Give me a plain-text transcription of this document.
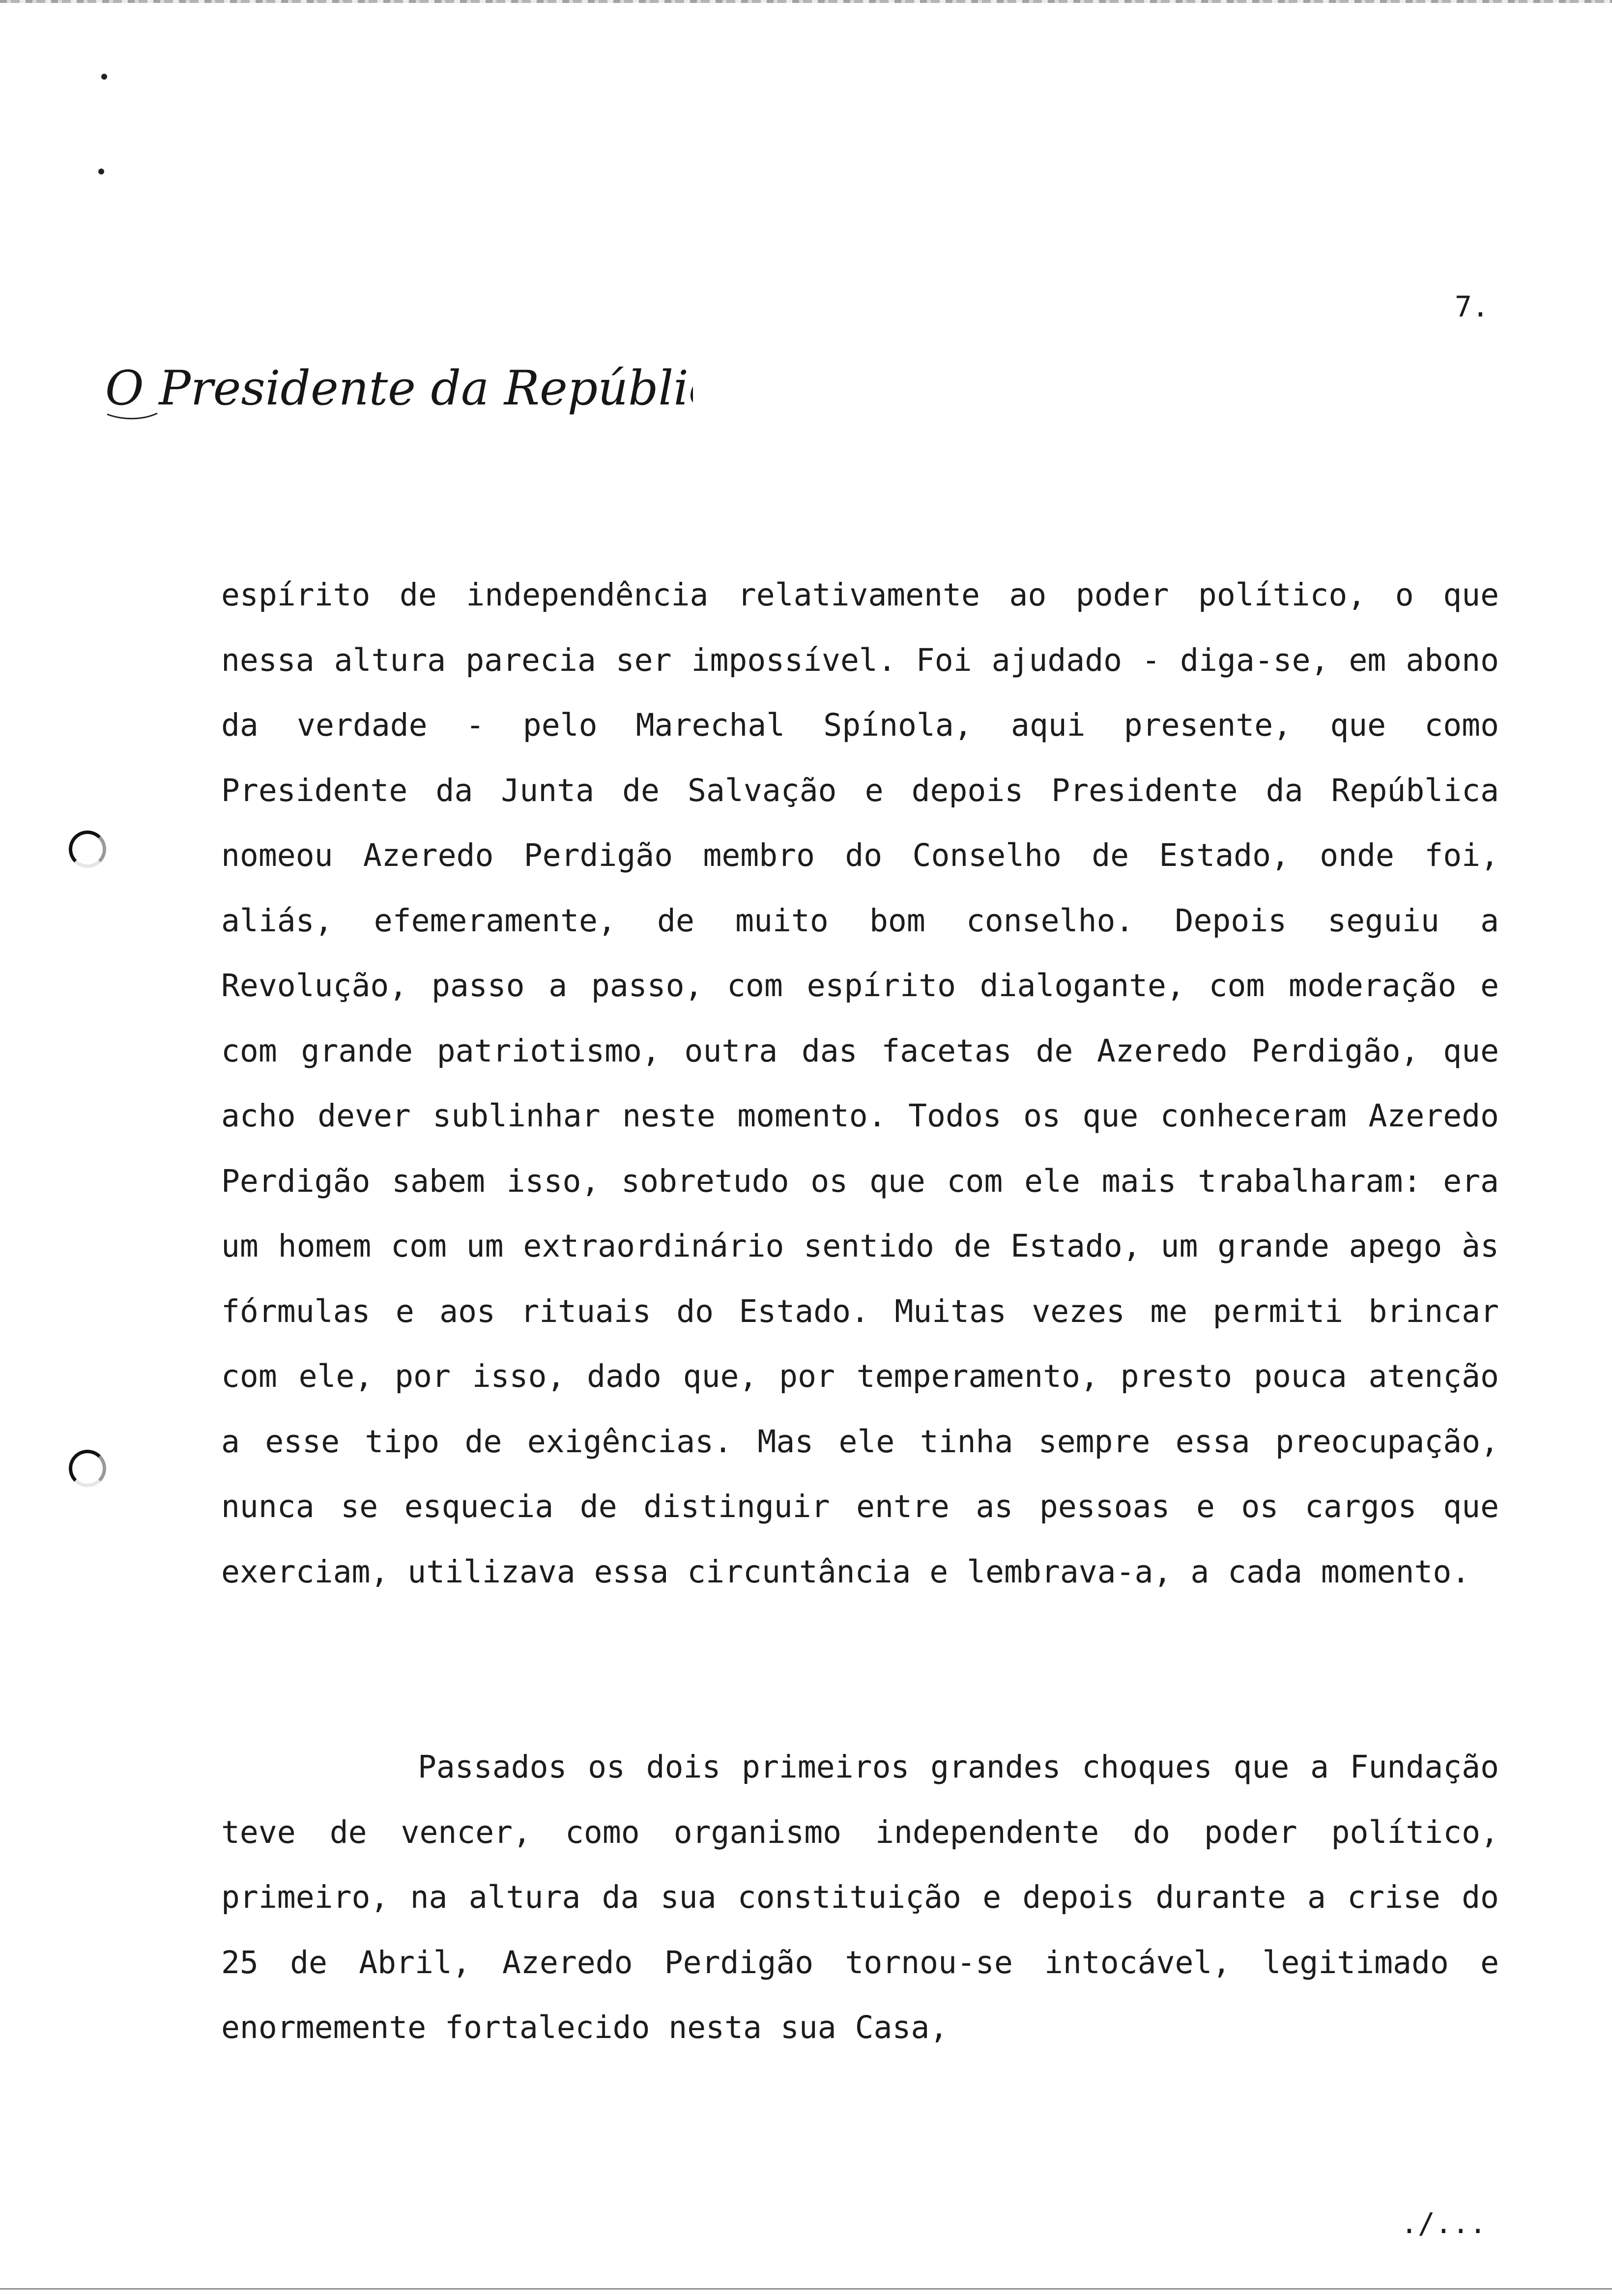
7.
O Presidente da República

espírito de independência relativamente ao poder político, o que nessa altura parecia ser impossível. Foi ajudado - diga-se, em abono da verdade - pelo Marechal Spínola, aqui presente, que como Presidente da Junta de Salvação e depois Presidente da República nomeou Azeredo Perdigão membro do Conselho de Estado, onde foi, aliás, efemeramente, de muito bom conselho. Depois seguiu a Revolução, passo a passo, com espírito dialogante, com moderação e com grande patriotismo, outra das facetas de Azeredo Perdigão, que acho dever sublinhar neste momento. Todos os que conheceram Azeredo Perdigão sabem isso, sobretudo os que com ele mais trabalharam: era um homem com um extraordinário sentido de Estado, um grande apego às fórmulas e aos rituais do Estado. Muitas vezes me permiti brincar com ele, por isso, dado que, por temperamento, presto pouca atenção a esse tipo de exigências. Mas ele tinha sempre essa preocupação, nunca se esquecia de distinguir entre as pessoas e os cargos que exerciam, utilizava essa circuntância e lembrava-a, a cada momento.

Passados os dois primeiros grandes choques que a Fundação teve de vencer, como organismo independente do poder político, primeiro, na altura da sua constituição e depois durante a crise do 25 de Abril, Azeredo Perdigão tornou-se intocável, legitimado e enormemente fortalecido nesta sua Casa,

./...
